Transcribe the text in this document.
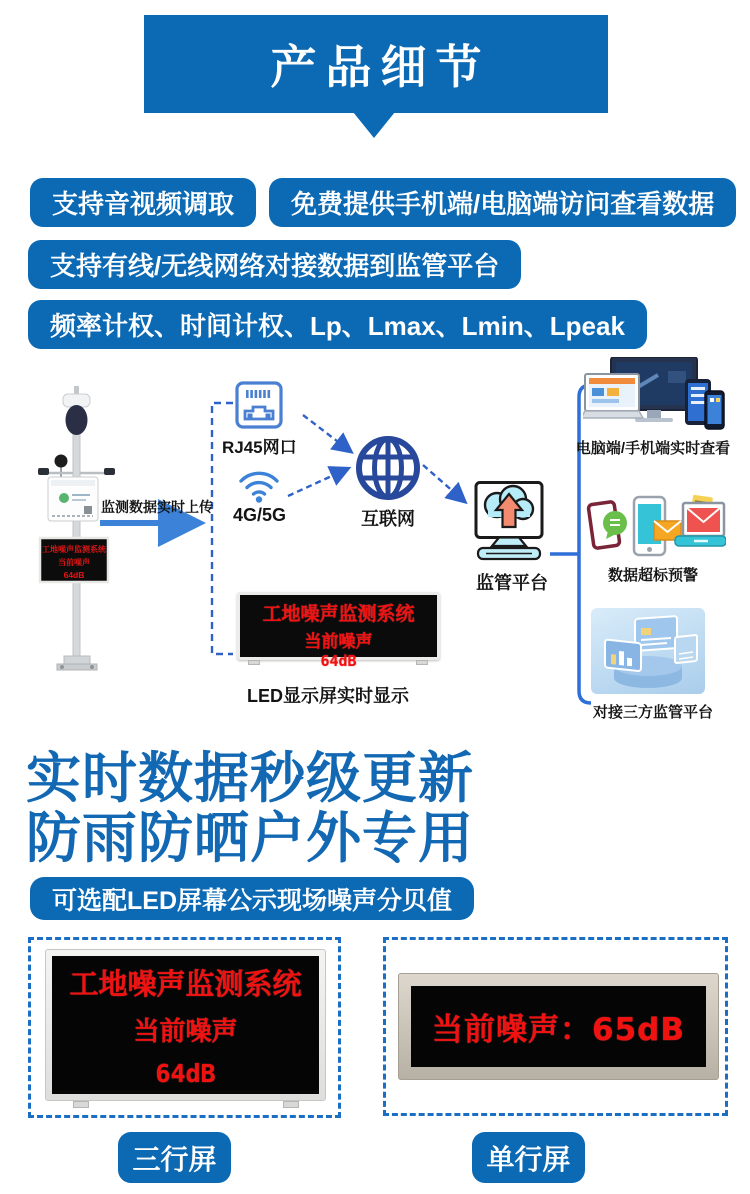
产品细节
支持音视频调取	免费提供手机端/电脑端访问查看数据
支持有线/无线网络对接数据到监管平台
频率计权、时间计权、Lp、Lmax、Lmin、Lpeak
工地噪声监测系统
当前噪声
64dB
监测数据实时上传
RJ45网口
4G/5G	互联网
监管平台
工地噪声监测系统
当前噪声
64dB
LED显示屏实时显示
电脑端/手机端实时查看
数据超标预警
对接三方监管平台
实时数据秒级更新
防雨防晒户外专用
可选配LED屏幕公示现场噪声分贝值
工地噪声监测系统
当前噪声
64dB
当前噪声：65dB
三行屏	单行屏
